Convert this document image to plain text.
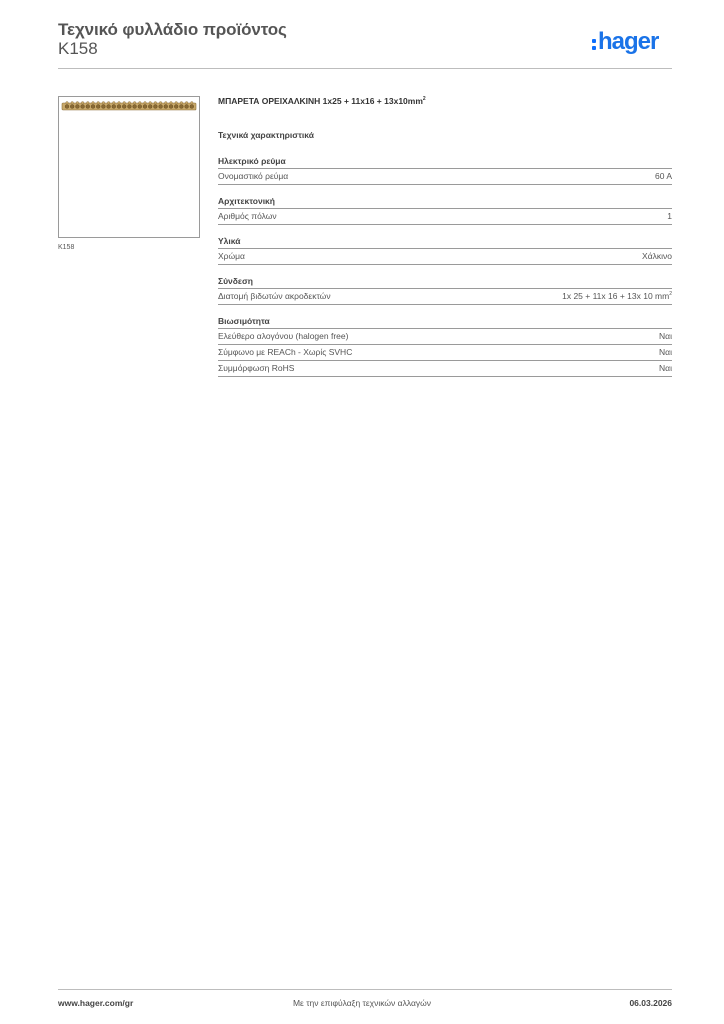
Τεχνικό φυλλάδιο προϊόντος
K158	hager
K158
ΜΠΑΡΕΤΑ ΟΡΕΙΧΑΛΚΙΝΗ $1x25 + 11x16 + 13x10mm^2$
Τεχνικά χαρακτηριστικά
Ηλεκτρικό ρεύμα
Ονομαστικό ρεύμα	60 A
Αρχιτεκτονική
Αριθμός πόλων	1
Υλικά
Χρώμα	Χάλκινο
Σύνδεση
Διατομή βιδωτών ακροδεκτών	1x 25 + 11x 16 + 13x 10 $mm^2$
Βιωσιμότητα
Ελεύθερο αλογόνου (halogen free)	Ναι
Σύμφωνο με REACh - Χωρίς SVHC	Ναι
Συμμόρφωση RoHS	Ναι
www.hager.com/gr	Με την επιφύλαξη τεχνικών αλλαγών	06.03.2026
